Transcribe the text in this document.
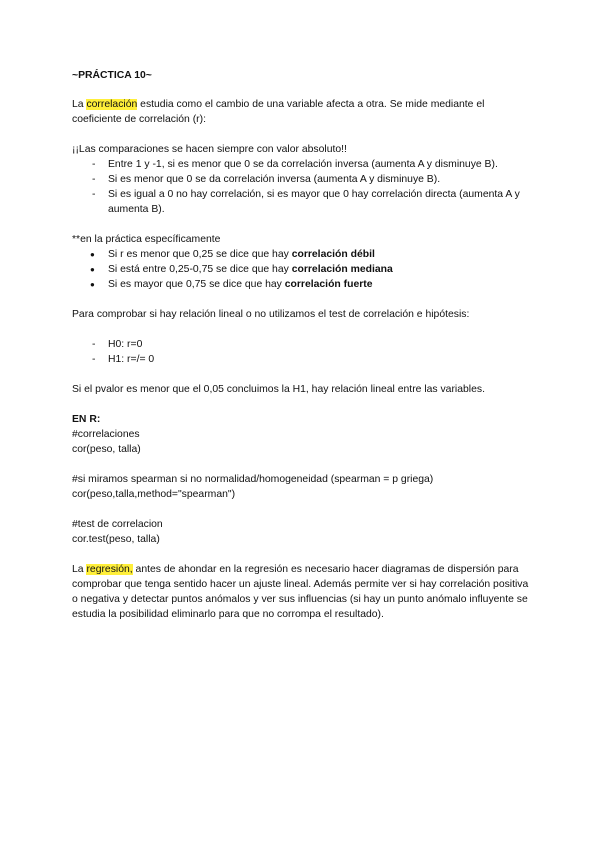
~PRÁCTICA 10~

La correlación estudia como el cambio de una variable afecta a otra. Se mide mediante el coeficiente de correlación (r):

¡¡Las comparaciones se hacen siempre con valor absoluto!!

- Entre 1 y -1, si es menor que 0 se da correlación inversa (aumenta A y disminuye B).
- Si es menor que 0 se da correlación inversa (aumenta A y disminuye B).
- Si es igual a 0 no hay correlación, si es mayor que 0 hay correlación directa (aumenta A y aumenta B).

**en la práctica específicamente

● Si r es menor que 0,25 se dice que hay correlación débil
● Si está entre 0,25-0,75 se dice que hay correlación mediana
● Si es mayor que 0,75 se dice que hay correlación fuerte

Para comprobar si hay relación lineal o no utilizamos el test de correlación e hipótesis:

- H0: r=0
- H1: r=/= 0

Si el pvalor es menor que el 0,05 concluimos la H1, hay relación lineal entre las variables.

EN R:

#correlaciones

cor(peso, talla)

#si miramos spearman si no normalidad/homogeneidad (spearman = p griega)

cor(peso,talla,method="spearman")

#test de correlacion

cor.test(peso, talla)

La regresión, antes de ahondar en la regresión es necesario hacer diagramas de dispersión para comprobar que tenga sentido hacer un ajuste lineal. Además permite ver si hay correlación positiva o negativa y detectar puntos anómalos y ver sus influencias (si hay un punto anómalo influyente se estudia la posibilidad eliminarlo para que no corrompa el resultado).
